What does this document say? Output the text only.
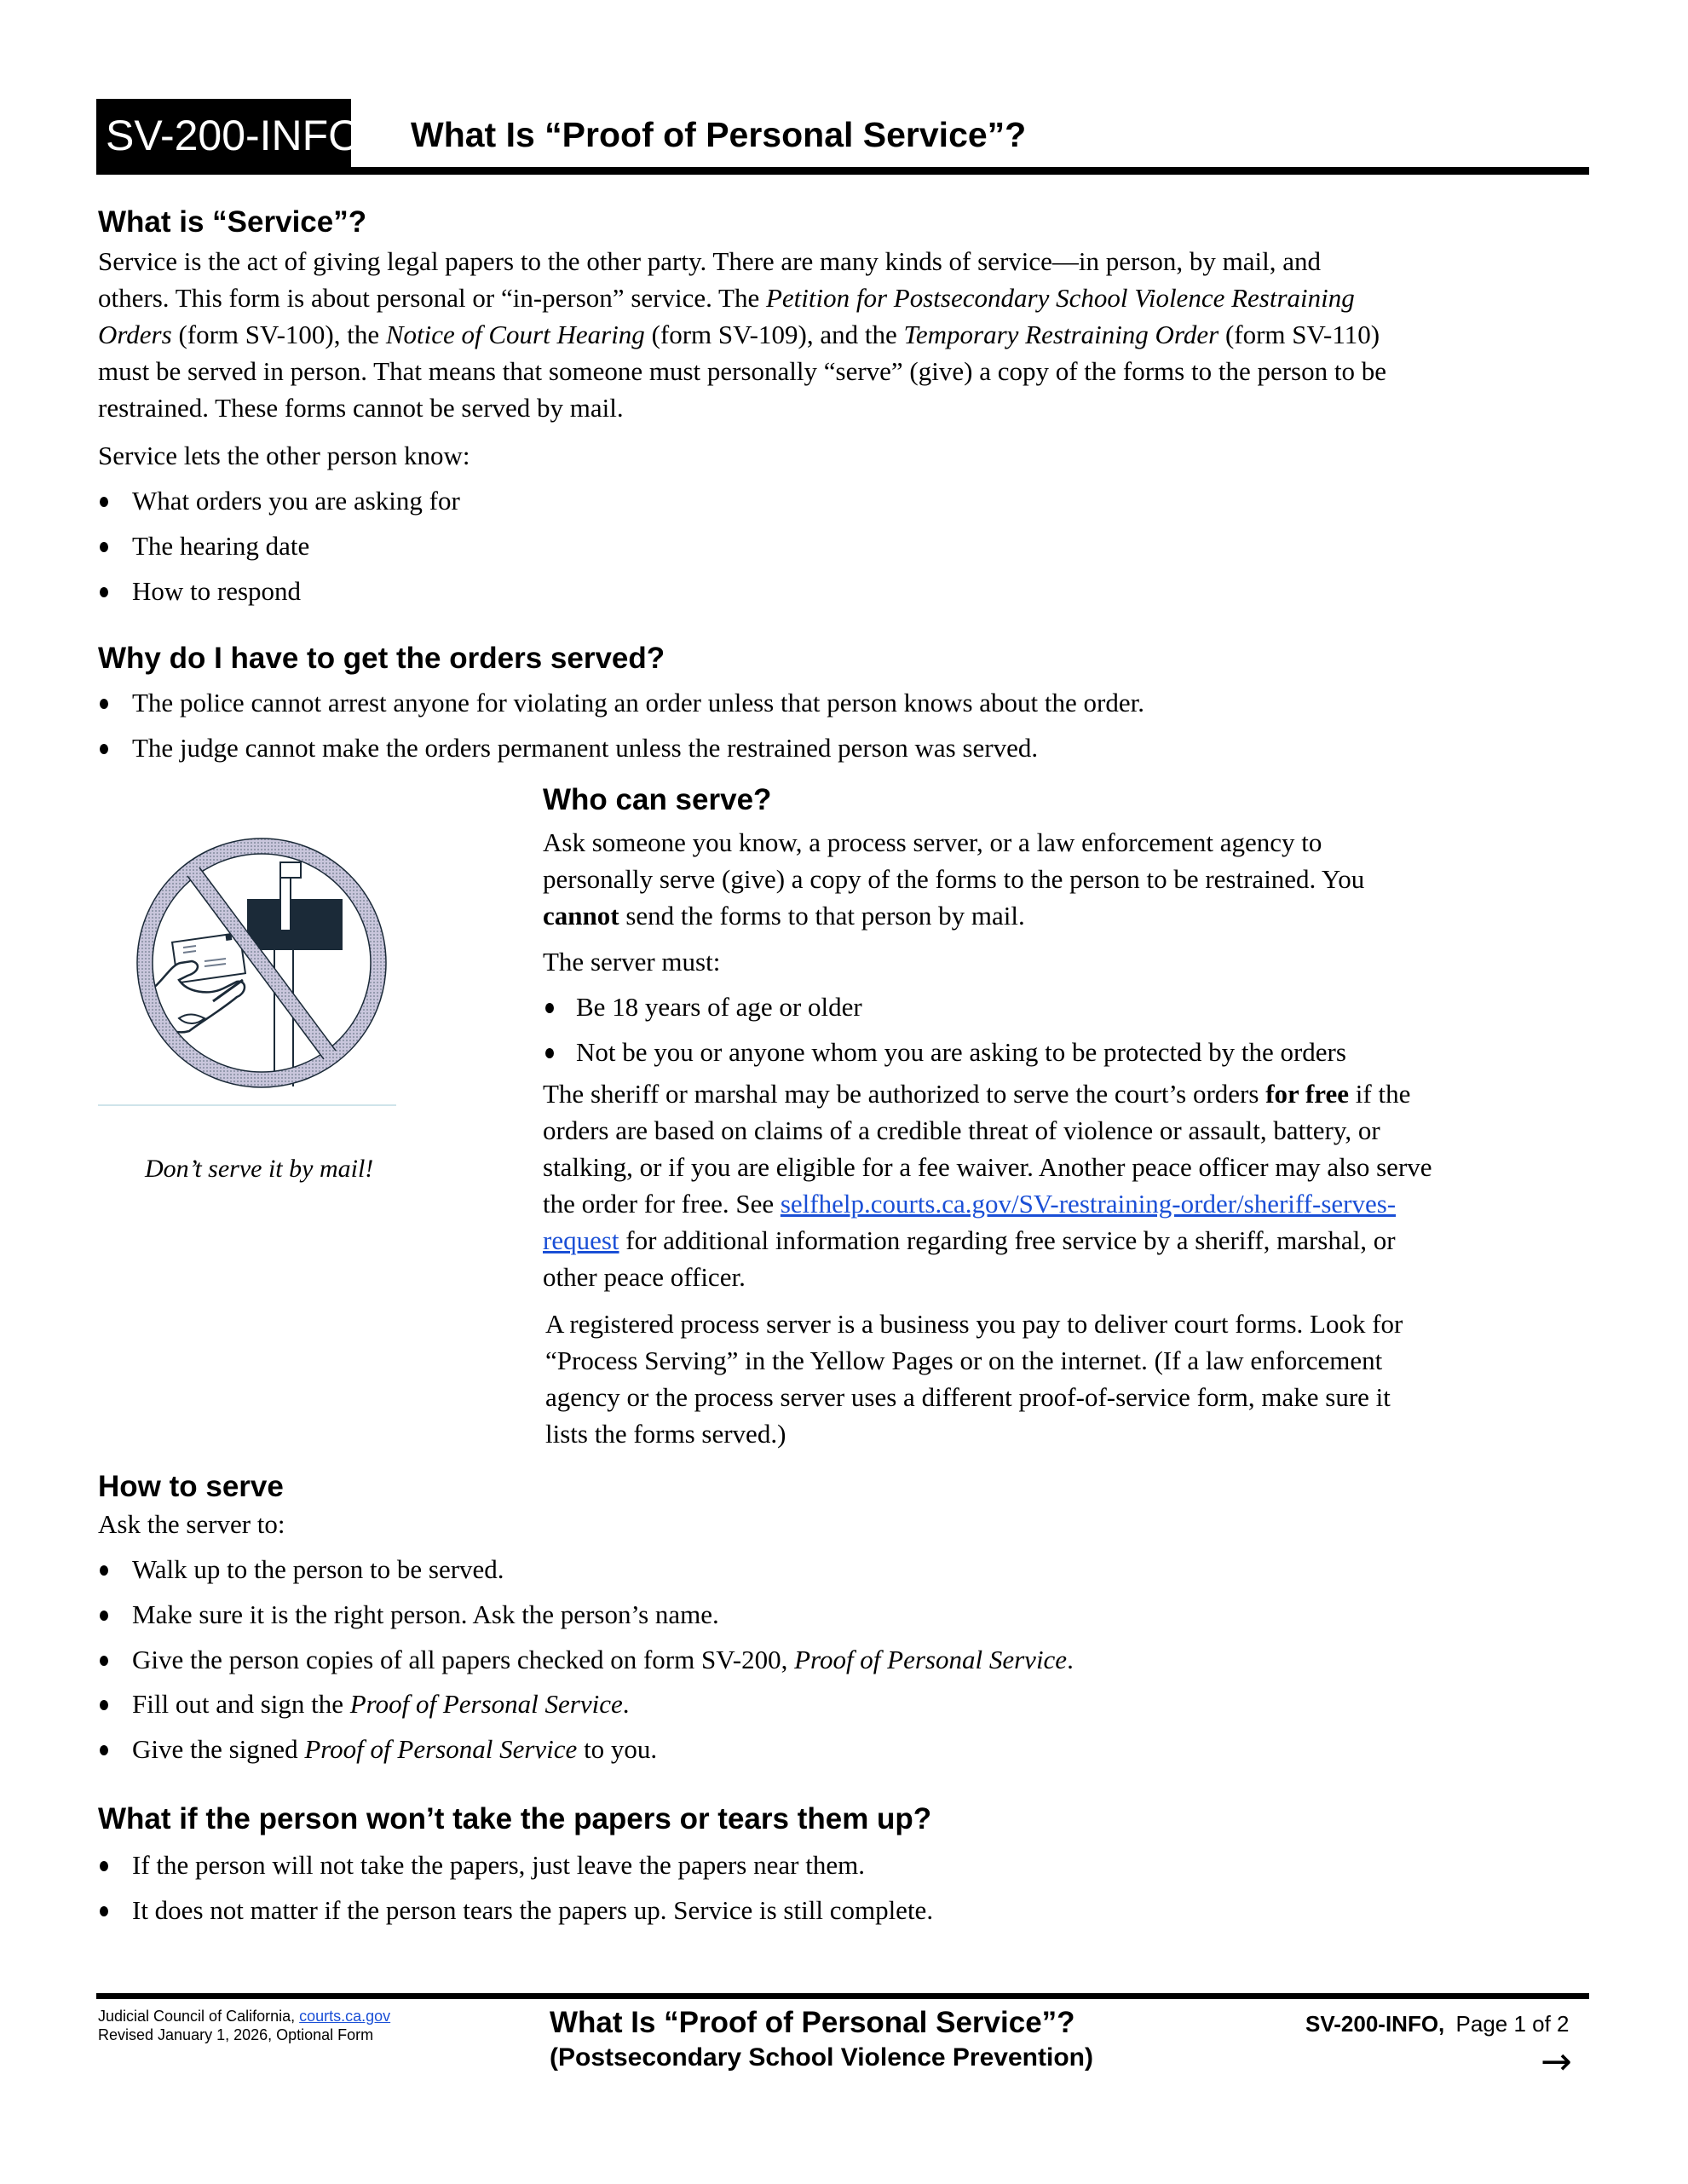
SV-200-INFO What Is “Proof of Personal Service”?
What is “Service”?
Service is the act of giving legal papers to the other party. There are many kinds of service—in person, by mail, and
others. This form is about personal or “in-person” service. The Petition for Postsecondary School Violence Restraining
Orders (form SV-100), the Notice of Court Hearing (form SV-109), and the Temporary Restraining Order (form SV-110)
must be served in person. That means that someone must personally “serve” (give) a copy of the forms to the person to be
restrained. These forms cannot be served by mail.
Service lets the other person know:
What orders you are asking for
The hearing date
How to respond
Why do I have to get the orders served?
The police cannot arrest anyone for violating an order unless that person knows about the order.
The judge cannot make the orders permanent unless the restrained person was served.
Don’t serve it by mail!
Who can serve?
Ask someone you know, a process server, or a law enforcement agency to
personally serve (give) a copy of the forms to the person to be restrained. You
cannot send the forms to that person by mail.
The server must:
Be 18 years of age or older
Not be you or anyone whom you are asking to be protected by the orders
The sheriff or marshal may be authorized to serve the court’s orders for free if the
orders are based on claims of a credible threat of violence or assault, battery, or
stalking, or if you are eligible for a fee waiver. Another peace officer may also serve
the order for free. See selfhelp.courts.ca.gov/SV-restraining-order/sheriff-serves-
request for additional information regarding free service by a sheriff, marshal, or
other peace officer.
A registered process server is a business you pay to deliver court forms. Look for
“Process Serving” in the Yellow Pages or on the internet. (If a law enforcement
agency or the process server uses a different proof-of-service form, make sure it
lists the forms served.)
How to serve
Ask the server to:
Walk up to the person to be served.
Make sure it is the right person. Ask the person’s name.
Give the person copies of all papers checked on form SV-200, Proof of Personal Service.
Fill out and sign the Proof of Personal Service.
Give the signed Proof of Personal Service to you.
What if the person won’t take the papers or tears them up?
If the person will not take the papers, just leave the papers near them.
It does not matter if the person tears the papers up. Service is still complete.
Judicial Council of California, courts.ca.gov
Revised January 1, 2026, Optional Form	What Is “Proof of Personal Service”?
(Postsecondary School Violence Prevention)
SV-200-INFO, Page 1 of 2
→
